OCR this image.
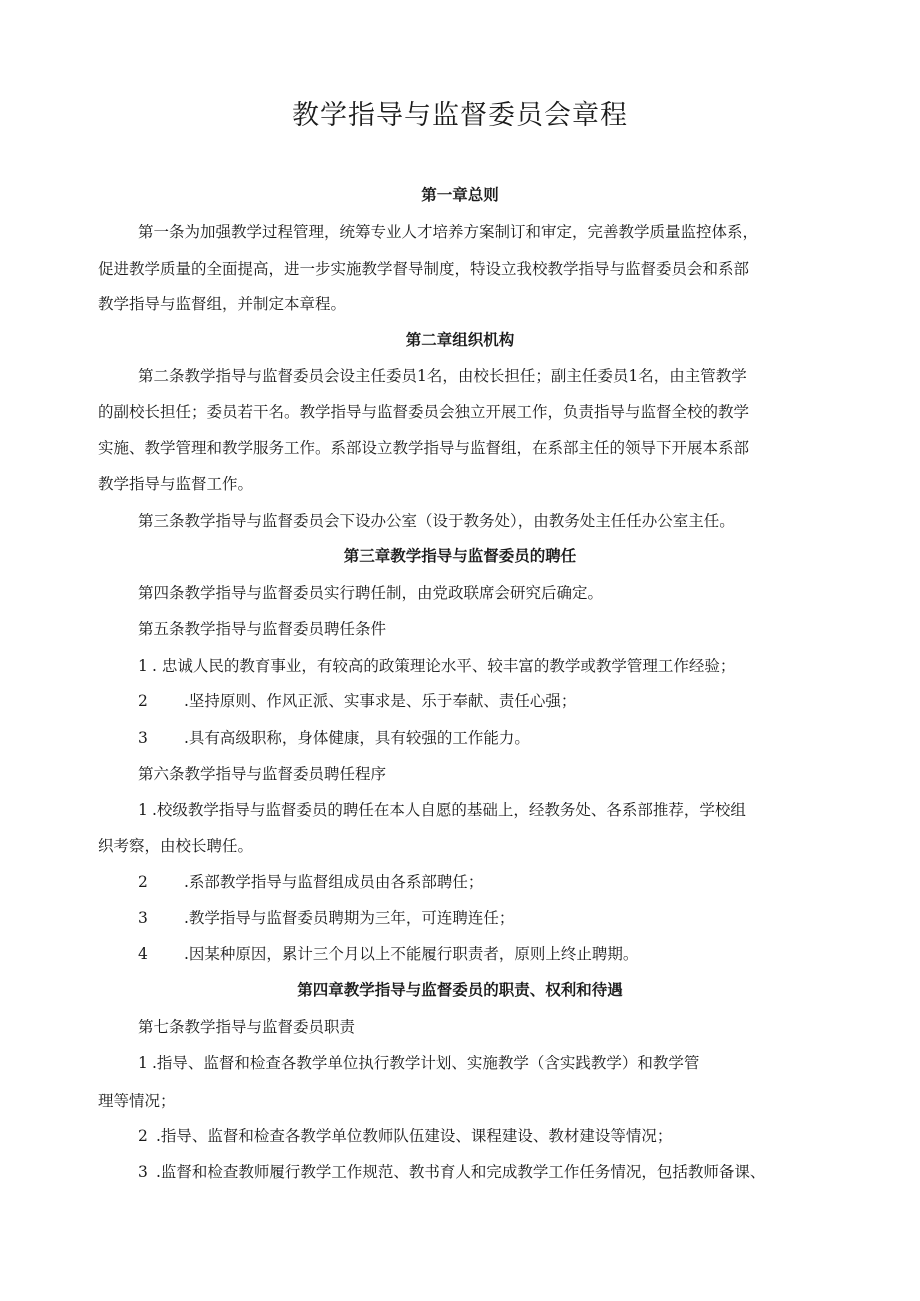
教学指导与监督委员会章程
第一章总则
第一条为加强教学过程管理，统筹专业人才培养方案制订和审定，完善教学质量监控体系，
促进教学质量的全面提高，进一步实施教学督导制度，特设立我校教学指导与监督委员会和系部
教学指导与监督组，并制定本章程。
第二章组织机构
第二条教学指导与监督委员会设主任委员1名，由校长担任；副主任委员1名，由主管教学
的副校长担任；委员若干名。教学指导与监督委员会独立开展工作，负责指导与监督全校的教学
实施、教学管理和教学服务工作。系部设立教学指导与监督组，在系部主任的领导下开展本系部
教学指导与监督工作。
第三条教学指导与监督委员会下设办公室（设于教务处），由教务处主任任办公室主任。
第三章教学指导与监督委员的聘任
第四条教学指导与监督委员实行聘任制，由党政联席会研究后确定。
第五条教学指导与监督委员聘任条件
1 . 忠诚人民的教育事业，有较高的政策理论水平、较丰富的教学或教学管理工作经验；
2 .坚持原则、作风正派、实事求是、乐于奉献、责任心强；
3 .具有高级职称，身体健康，具有较强的工作能力。
第六条教学指导与监督委员聘任程序
1 .校级教学指导与监督委员的聘任在本人自愿的基础上，经教务处、各系部推荐，学校组
织考察，由校长聘任。
2 .系部教学指导与监督组成员由各系部聘任；
3 .教学指导与监督委员聘期为三年，可连聘连任；
4 .因某种原因，累计三个月以上不能履行职责者，原则上终止聘期。
第四章教学指导与监督委员的职责、权利和待遇
第七条教学指导与监督委员职责
1 .指导、监督和检查各教学单位执行教学计划、实施教学（含实践教学）和教学管
理等情况；
2 .指导、监督和检查各教学单位教师队伍建设、课程建设、教材建设等情况；
3 .监督和检查教师履行教学工作规范、教书育人和完成教学工作任务情况，包括教师备课、
